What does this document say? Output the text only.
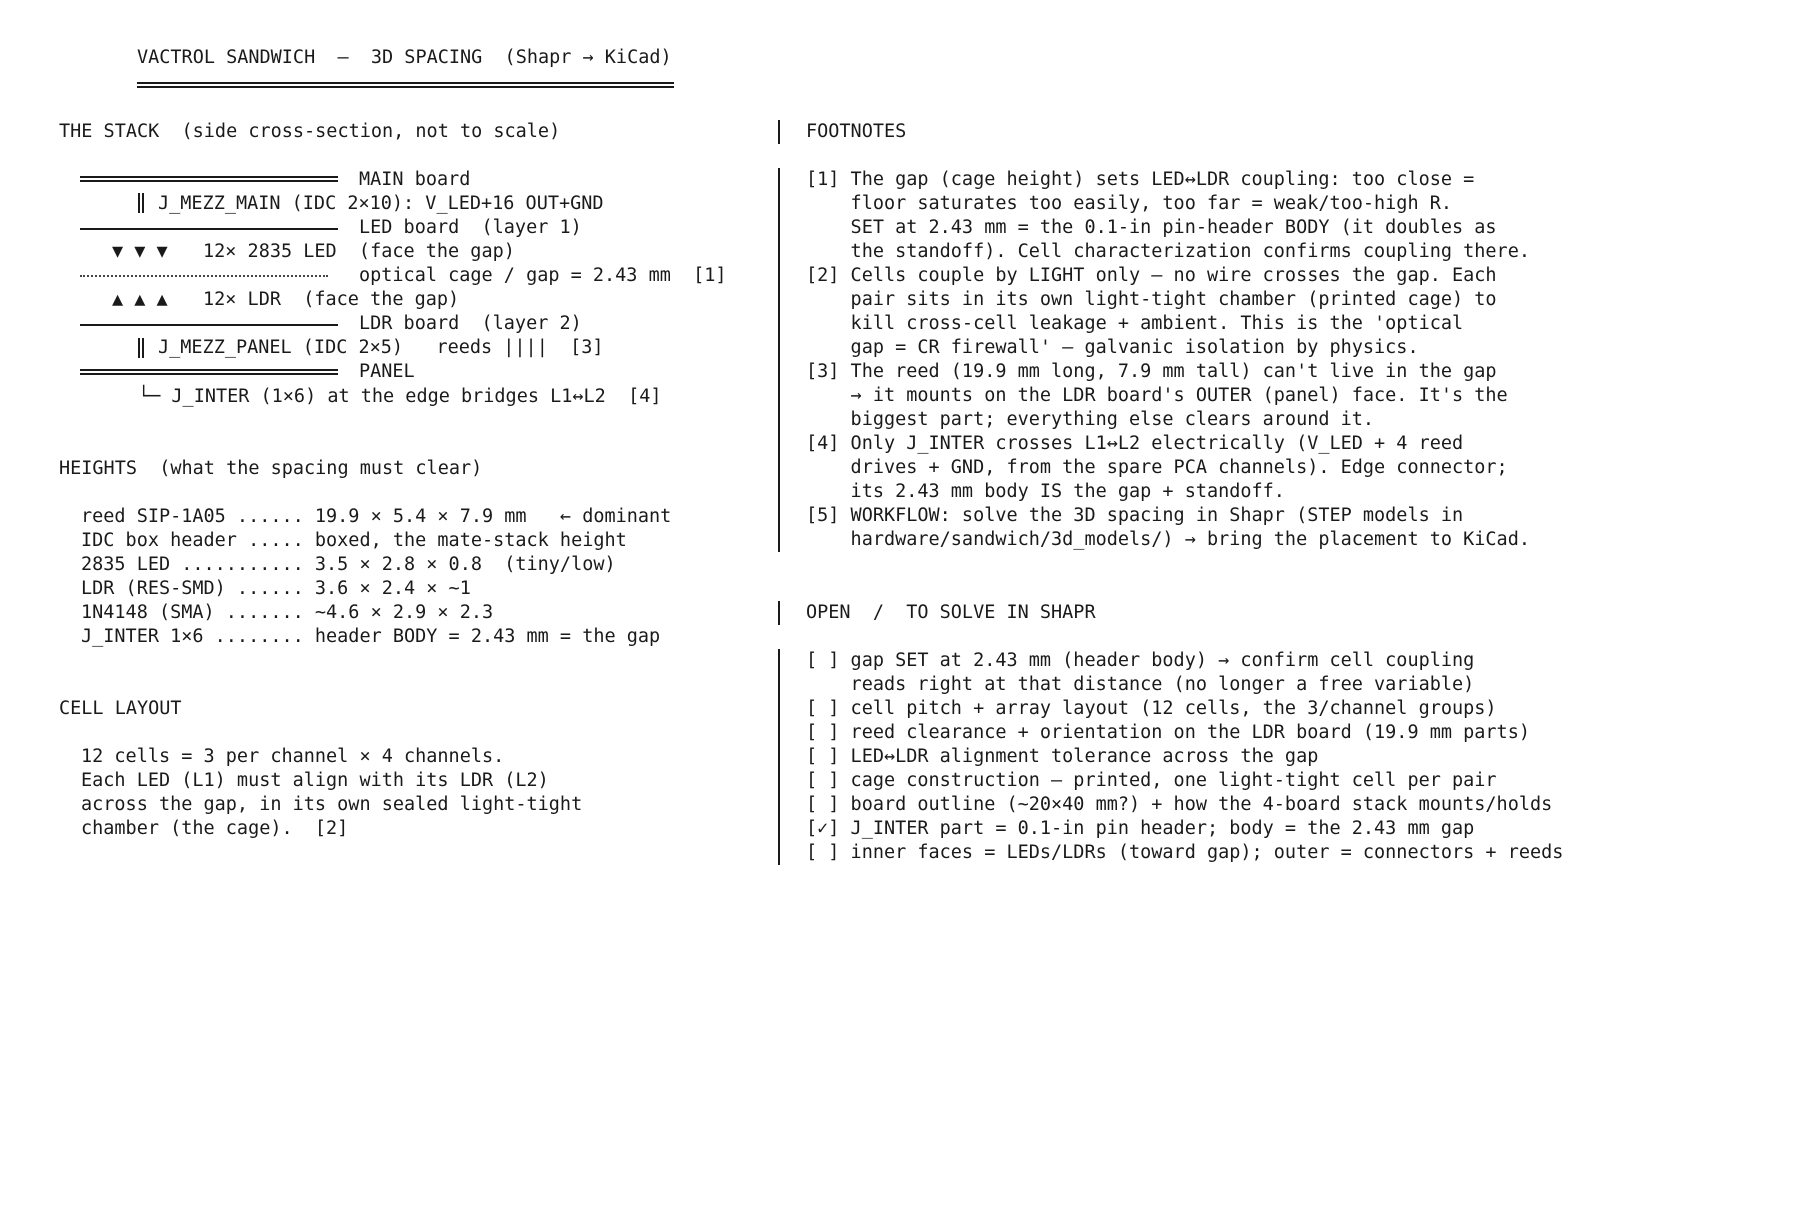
VACTROL SANDWICH  —  3D SPACING  (Shapr → KiCad)
THE STACK  (side cross-section, not to scale)
MAIN board
J_MEZZ_MAIN (IDC 2×10): V_LED+16 OUT+GND
LED board  (layer 1)
▼ ▼ ▼ 12× 2835 LED  (face the gap)
optical cage / gap = 2.43 mm  [1]
▲ ▲ ▲ 12× LDR  (face the gap)
LDR board  (layer 2)
J_MEZZ_PANEL (IDC 2×5)   reeds ||||  [3]
PANEL
└─ J_INTER (1×6) at the edge bridges L1↔L2  [4]
HEIGHTS  (what the spacing must clear)
reed SIP-1A05 ...... 19.9 × 5.4 × 7.9 mm   ← dominant
IDC box header ..... boxed, the mate-stack height
2835 LED ........... 3.5 × 2.8 × 0.8  (tiny/low)
LDR (RES-SMD) ...... 3.6 × 2.4 × ~1
1N4148 (SMA) ....... ~4.6 × 2.9 × 2.3
J_INTER 1×6 ........ header BODY = 2.43 mm = the gap
CELL LAYOUT
12 cells = 3 per channel × 4 channels.
Each LED (L1) must align with its LDR (L2)
across the gap, in its own sealed light-tight
chamber (the cage).  [2]
FOOTNOTES
[1] The gap (cage height) sets LED↔LDR coupling: too close =
floor saturates too easily, too far = weak/too-high R.
SET at 2.43 mm = the 0.1-in pin-header BODY (it doubles as
the standoff). Cell characterization confirms coupling there.
[2] Cells couple by LIGHT only — no wire crosses the gap. Each
pair sits in its own light-tight chamber (printed cage) to
kill cross-cell leakage + ambient. This is the 'optical
gap = CR firewall' — galvanic isolation by physics.
[3] The reed (19.9 mm long, 7.9 mm tall) can't live in the gap
→ it mounts on the LDR board's OUTER (panel) face. It's the
biggest part; everything else clears around it.
[4] Only J_INTER crosses L1↔L2 electrically (V_LED + 4 reed
drives + GND, from the spare PCA channels). Edge connector;
its 2.43 mm body IS the gap + standoff.
[5] WORKFLOW: solve the 3D spacing in Shapr (STEP models in
hardware/sandwich/3d_models/) → bring the placement to KiCad.
OPEN  /  TO SOLVE IN SHAPR
[ ] gap SET at 2.43 mm (header body) → confirm cell coupling
reads right at that distance (no longer a free variable)
[ ] cell pitch + array layout (12 cells, the 3/channel groups)
[ ] reed clearance + orientation on the LDR board (19.9 mm parts)
[ ] LED↔LDR alignment tolerance across the gap
[ ] cage construction — printed, one light-tight cell per pair
[ ] board outline (~20×40 mm?) + how the 4-board stack mounts/holds
[✓] J_INTER part = 0.1-in pin header; body = the 2.43 mm gap
[ ] inner faces = LEDs/LDRs (toward gap); outer = connectors + reeds
